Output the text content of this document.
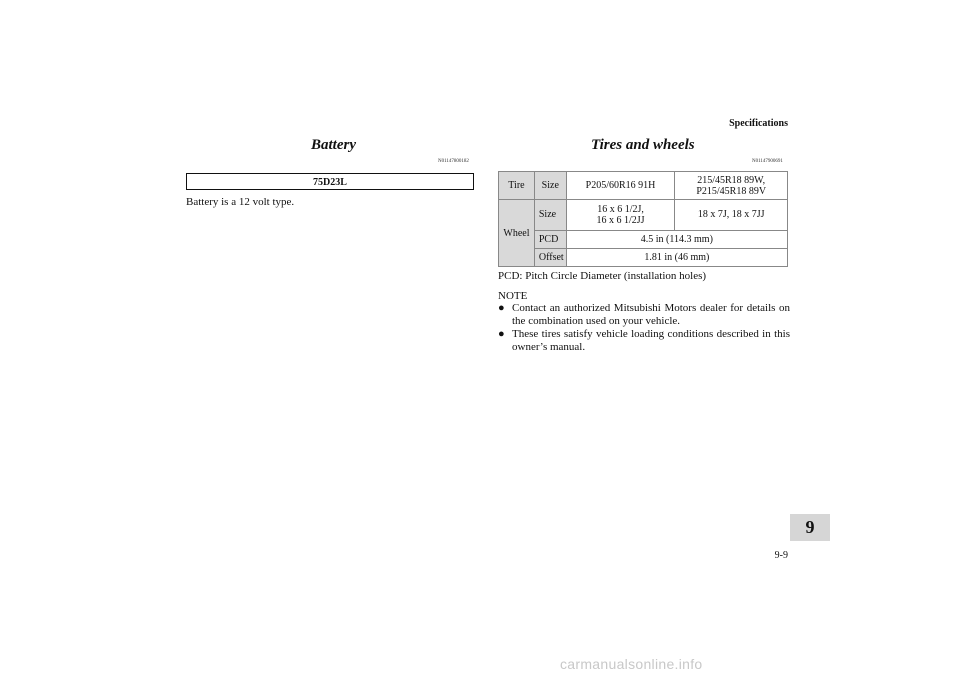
Specifications
Battery
N01147800182
75D23L
Battery is a 12 volt type.
Tires and wheels
N01147900691
Tire	Size	P205/60R16 91H	215/45R18 89W,
P215/45R18 89V

Wheel	Size	16 x 6 1/2J,
16 x 6 1/2JJ	18 x 7J, 18 x 7JJ
	PCD	4.5 in (114.3 mm)	
	Offset	1.81 in (46 mm)	
PCD: Pitch Circle Diameter (installation holes)
NOTE
● Contact an authorized Mitsubishi Motors dealer for details on the combination used on your vehicle.
● These tires satisfy vehicle loading conditions described in this owner’s manual.
9
9-9
carmanualsonline.info
